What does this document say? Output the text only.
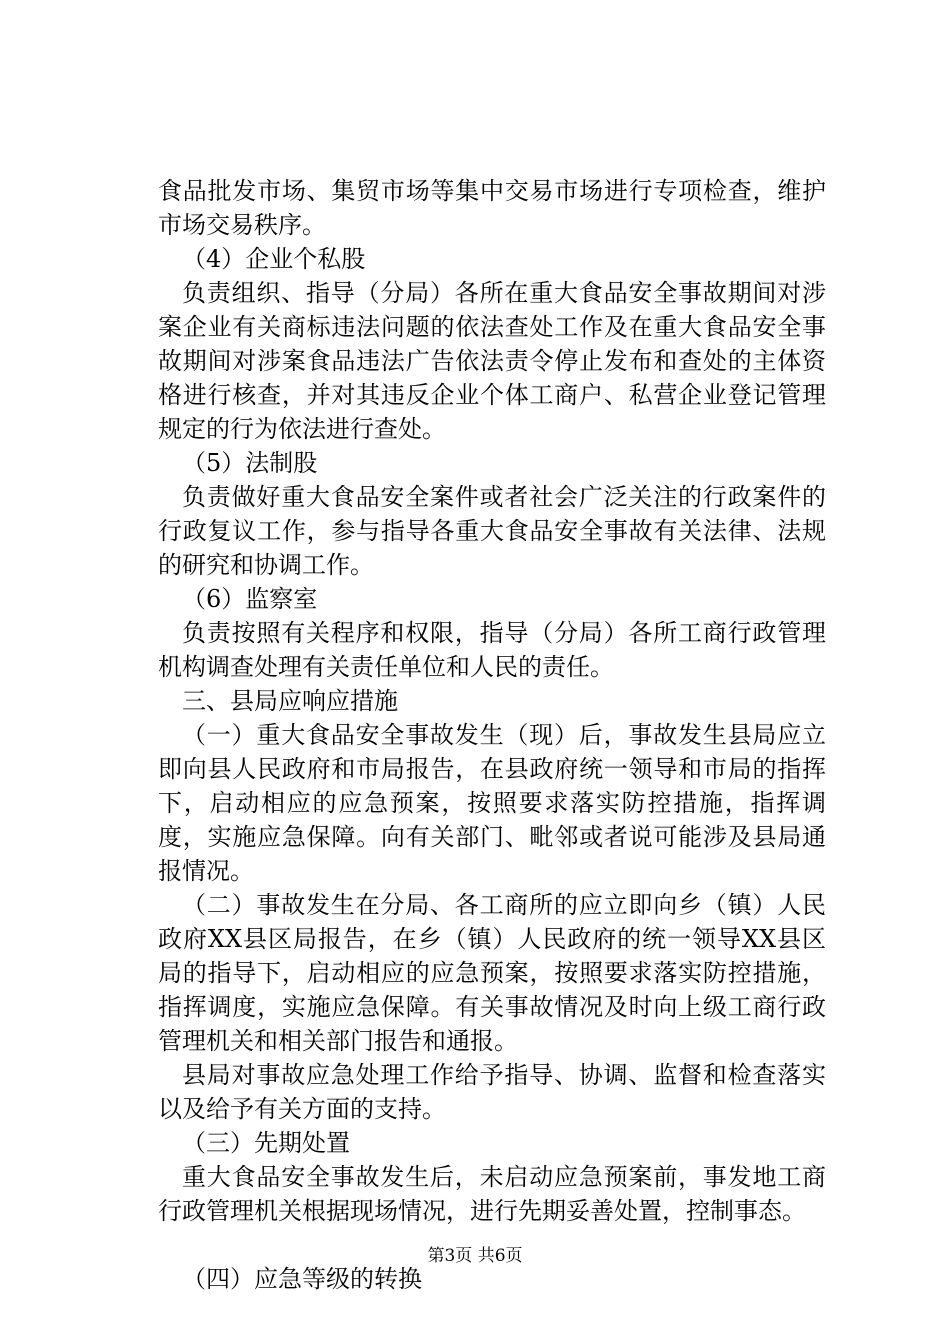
食品批发市场、集贸市场等集中交易市场进行专项检查，维护市场交易秩序。

（4）企业个私股

负责组织、指导（分局）各所在重大食品安全事故期间对涉案企业有关商标违法问题的依法查处工作及在重大食品安全事故期间对涉案食品违法广告依法责令停止发布和查处的主体资格进行核查，并对其违反企业个体工商户、私营企业登记管理规定的行为依法进行查处。

（5）法制股

负责做好重大食品安全案件或者社会广泛关注的行政案件的行政复议工作，参与指导各重大食品安全事故有关法律、法规的研究和协调工作。

（6）监察室

负责按照有关程序和权限，指导（分局）各所工商行政管理机构调查处理有关责任单位和人民的责任。

三、县局应响应措施

（一）重大食品安全事故发生（现）后，事故发生县局应立即向县人民政府和市局报告，在县政府统一领导和市局的指挥下，启动相应的应急预案，按照要求落实防控措施，指挥调度，实施应急保障。向有关部门、毗邻或者说可能涉及县局通报情况。

（二）事故发生在分局、各工商所的应立即向乡（镇）人民政府XX县区局报告，在乡（镇）人民政府的统一领导XX县区局的指导下，启动相应的应急预案，按照要求落实防控措施，指挥调度，实施应急保障。有关事故情况及时向上级工商行政管理机关和相关部门报告和通报。

县局对事故应急处理工作给予指导、协调、监督和检查落实以及给予有关方面的支持。

（三）先期处置

重大食品安全事故发生后，未启动应急预案前，事发地工商行政管理机关根据现场情况，进行先期妥善处置，控制事态。

（四）应急等级的转换

第3页 共6页
